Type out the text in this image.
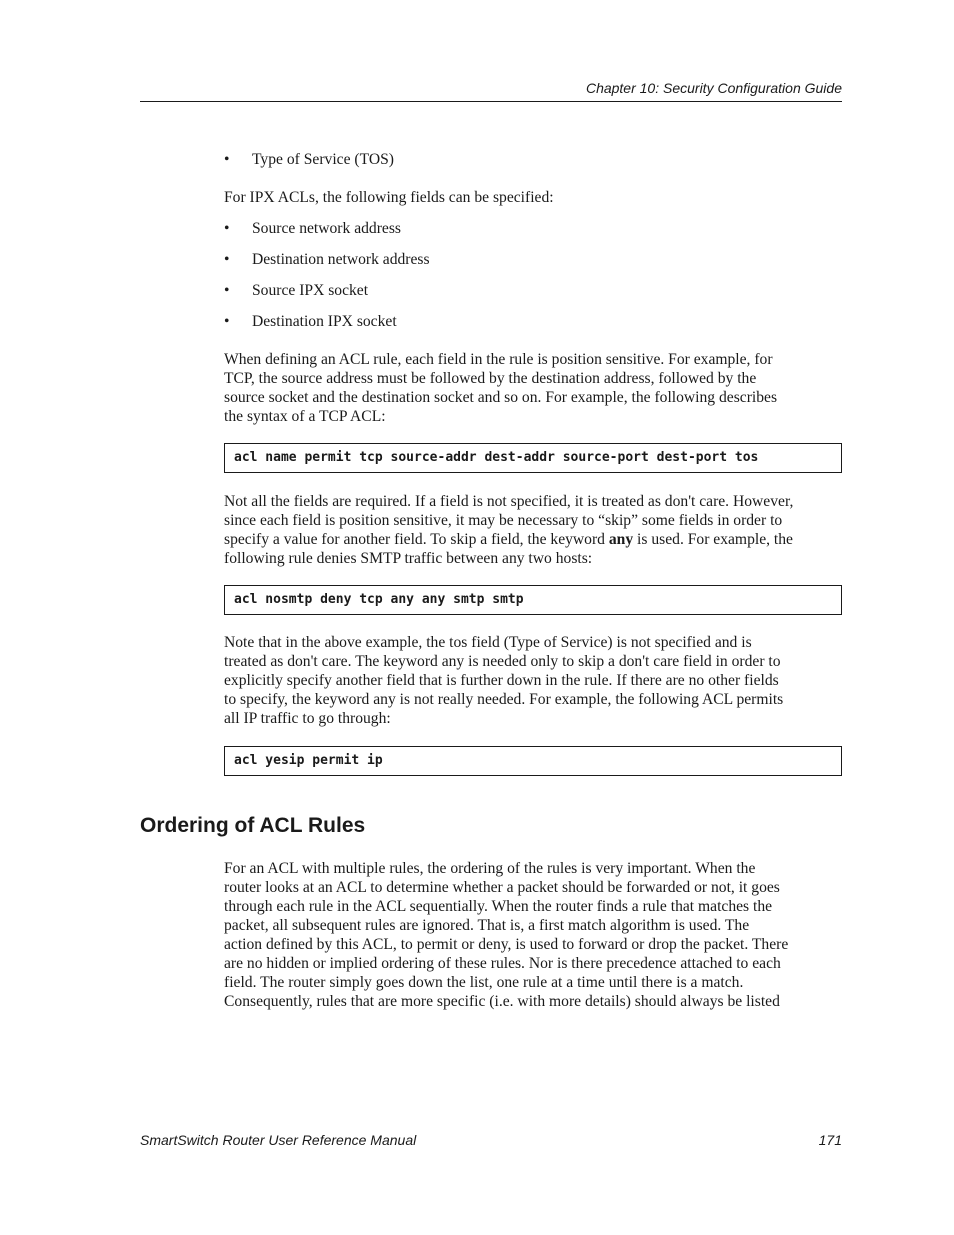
Chapter 10: Security Configuration Guide
• Type of Service (TOS)
For IPX ACLs, the following fields can be specified:
• Source network address
• Destination network address
• Source IPX socket
• Destination IPX socket
When defining an ACL rule, each field in the rule is position sensitive. For example, for
TCP, the source address must be followed by the destination address, followed by the
source socket and the destination socket and so on. For example, the following describes
the syntax of a TCP ACL:
acl name permit tcp source-addr dest-addr source-port dest-port tos
Not all the fields are required. If a field is not specified, it is treated as don't care. However,
since each field is position sensitive, it may be necessary to “skip” some fields in order to
specify a value for another field. To skip a field, the keyword any is used. For example, the
following rule denies SMTP traffic between any two hosts:
acl nosmtp deny tcp any any smtp smtp
Note that in the above example, the tos field (Type of Service) is not specified and is
treated as don't care. The keyword any is needed only to skip a don't care field in order to
explicitly specify another field that is further down in the rule. If there are no other fields
to specify, the keyword any is not really needed. For example, the following ACL permits
all IP traffic to go through:
acl yesip permit ip
Ordering of ACL Rules
For an ACL with multiple rules, the ordering of the rules is very important. When the
router looks at an ACL to determine whether a packet should be forwarded or not, it goes
through each rule in the ACL sequentially. When the router finds a rule that matches the
packet, all subsequent rules are ignored. That is, a first match algorithm is used. The
action defined by this ACL, to permit or deny, is used to forward or drop the packet. There
are no hidden or implied ordering of these rules. Nor is there precedence attached to each
field. The router simply goes down the list, one rule at a time until there is a match.
Consequently, rules that are more specific (i.e. with more details) should always be listed
SmartSwitch Router User Reference Manual	171
